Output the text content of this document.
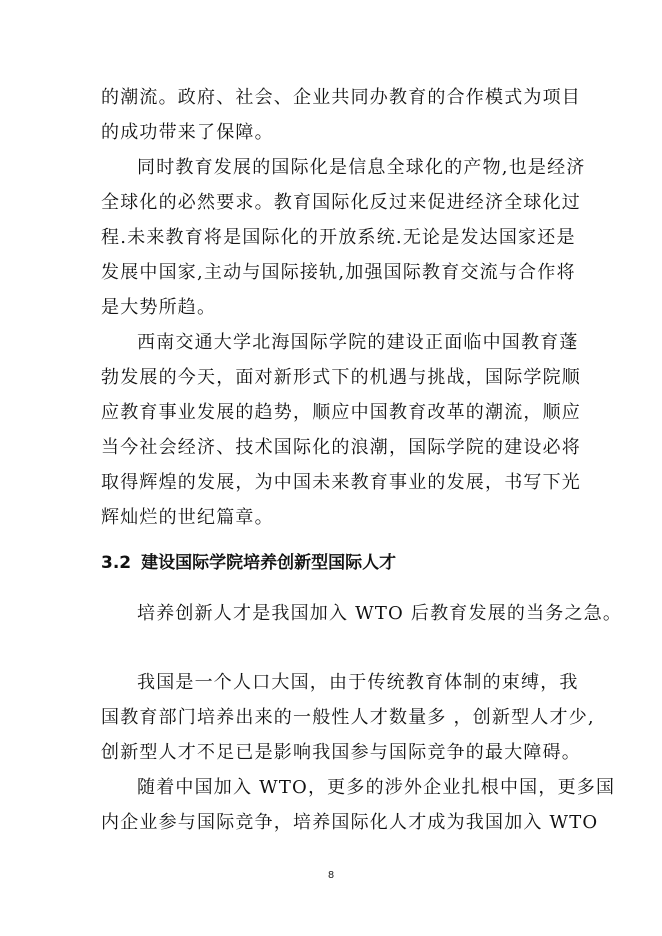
的潮流。政府、社会、企业共同办教育的合作模式为项目
的成功带来了保障。
同时教育发展的国际化是信息全球化的产物,也是经济
全球化的必然要求。教育国际化反过来促进经济全球化过
程.未来教育将是国际化的开放系统.无论是发达国家还是
发展中国家,主动与国际接轨,加强国际教育交流与合作将
是大势所趋。
西南交通大学北海国际学院的建设正面临中国教育蓬
勃发展的今天，面对新形式下的机遇与挑战，国际学院顺
应教育事业发展的趋势，顺应中国教育改革的潮流，顺应
当今社会经济、技术国际化的浪潮，国际学院的建设必将
取得辉煌的发展，为中国未来教育事业的发展，书写下光
辉灿烂的世纪篇章。
3.2 建设国际学院培养创新型国际人才
培养创新人才是我国加入 WTO 后教育发展的当务之急。
我国是一个人口大国，由于传统教育体制的束缚，我
国教育部门培养出来的一般性人才数量多 ，创新型人才少,
创新型人才不足已是影响我国参与国际竞争的最大障碍。
随着中国加入 WTO，更多的涉外企业扎根中国，更多国
内企业参与国际竞争，培养国际化人才成为我国加入 WTO
8
